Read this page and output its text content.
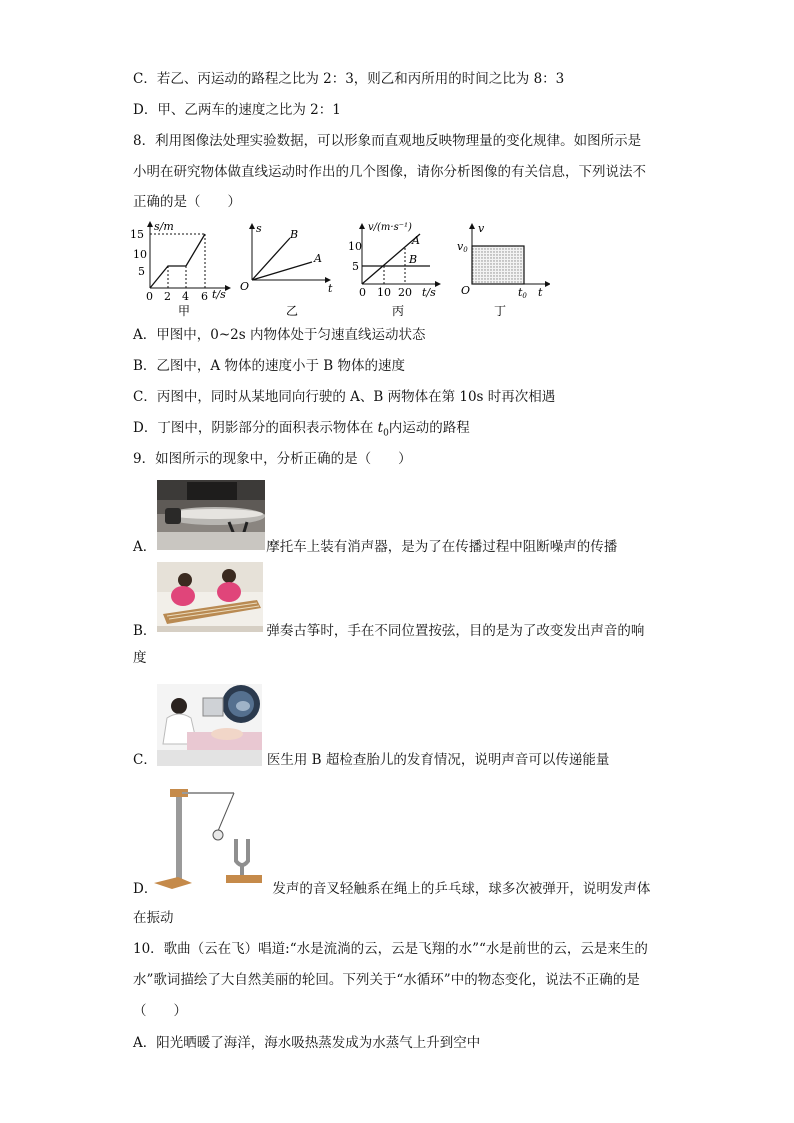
C．若乙、丙运动的路程之比为 2：3，则乙和丙所用的时间之比为 8：3
D．甲、乙两车的速度之比为 2：1
8．利用图像法处理实验数据，可以形象而直观地反映物理量的变化规律。如图所示是
小明在研究物体做直线运动时作出的几个图像，请你分析图像的有关信息，下列说法不
正确的是（　　）
s/m
15
10
5
0 2 4 6 t/s
甲
s
O	t
B
A
乙
v/(m·s⁻¹)
10
5
0 10 20 t/s
A
B
丙
v
v0
O	t0 t
丁
A．甲图中，0~2s 内物体处于匀速直线运动状态
B．乙图中，A 物体的速度小于 B 物体的速度
C．丙图中，同时从某地同向行驶的 A、B 两物体在第 10s 时再次相遇
D．丁图中，阴影部分的面积表示物体在 $t_0$内运动的路程
9．如图所示的现象中，分析正确的是（　　）
A．	摩托车上装有消声器，是为了在传播过程中阻断噪声的传播
B．	弹奏古筝时，手在不同位置按弦，目的是为了改变发出声音的响
度
C．	医生用 B 超检查胎儿的发育情况，说明声音可以传递能量
D．	发声的音叉轻触系在绳上的乒乓球，球多次被弹开，说明发声体
在振动
10．歌曲（云在飞）唱道:“水是流淌的云，云是飞翔的水”“水是前世的云，云是来生的
水”歌词描绘了大自然美丽的轮回。下列关于“水循环”中的物态变化，说法不正确的是
（　　）
A．阳光晒暖了海洋，海水吸热蒸发成为水蒸气上升到空中
